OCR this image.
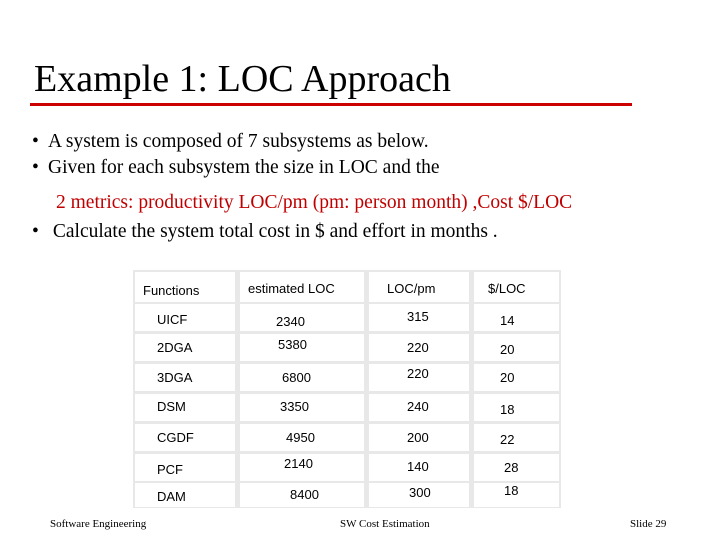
Example 1: LOC Approach
• A system is composed of 7 subsystems as below.
• Given for each subsystem the size in LOC and the
2 metrics: productivity LOC/pm (pm: person month) ,Cost $/LOC
• Calculate the system total cost in $ and effort in months .
Functions	estimated LOC	LOC/pm	$/LOC
UICF	2340	315	14
2DGA	5380	220	20
3DGA	6800	220	20
DSM	3350	240	18
CGDF	4950	200	22
PCF	2140	140	28
DAM	8400	300	18
Software Engineering	SW Cost Estimation	Slide 29
